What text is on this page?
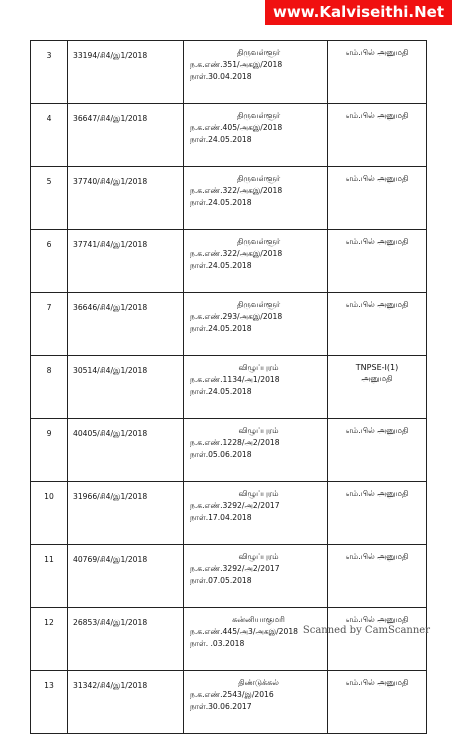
www.Kalviseithi.Net
3	33194/சி4/இ1/2018	திருவள்ளூர்
ந.க.எண்.351/அகஇ/2018
நாள்.30.04.2018	எம்.பில் அனுமதி

4	36647/சி4/இ1/2018	திருவள்ளூர்
ந.க.எண்.405/அகஇ/2018
நாள்.24.05.2018	எம்.பில் அனுமதி

5	37740/சி4/இ1/2018	திருவள்ளூர்
ந.க.எண்.322/அகஇ/2018
நாள்.24.05.2018	எம்.பில் அனுமதி

6	37741/சி4/இ1/2018	திருவள்ளூர்
ந.க.எண்.322/அகஇ/2018
நாள்.24.05.2018	எம்.பில் அனுமதி

7	36646/சி4/இ1/2018	திருவள்ளூர்
ந.க.எண்.293/அகஇ/2018
நாள்.24.05.2018	எம்.பில் அனுமதி

8	30514/சி4/இ1/2018	விழுப்புரம்
ந.க.எண்.1134/அ1/2018
நாள்.24.05.2018	TNPSE-I(1)
அனுமதி

9	40405/சி4/இ1/2018	விழுப்புரம்
ந.க.எண்.1228/அ2/2018
நாள்.05.06.2018	எம்.பில் அனுமதி

10	31966/சி4/இ1/2018	விழுப்புரம்
ந.க.எண்.3292/அ2/2017
நாள்.17.04.2018	எம்.பில் அனுமதி

11	40769/சி4/இ1/2018	விழுப்புரம்
ந.க.எண்.3292/அ2/2017
நாள்.07.05.2018	எம்.பில் அனுமதி

12	26853/சி4/இ1/2018	கன்னியாகுமரி
ந.க.எண்.445/அ3/அகஇ/2018
நாள். .03.2018	எம்.பில் அனுமதி

13	31342/சி4/இ1/2018	திண்டுக்கல்
ந.க.எண்.2543/இ/2016
நாள்.30.06.2017	எம்.பில் அனுமதி
Scanned by CamScanner
